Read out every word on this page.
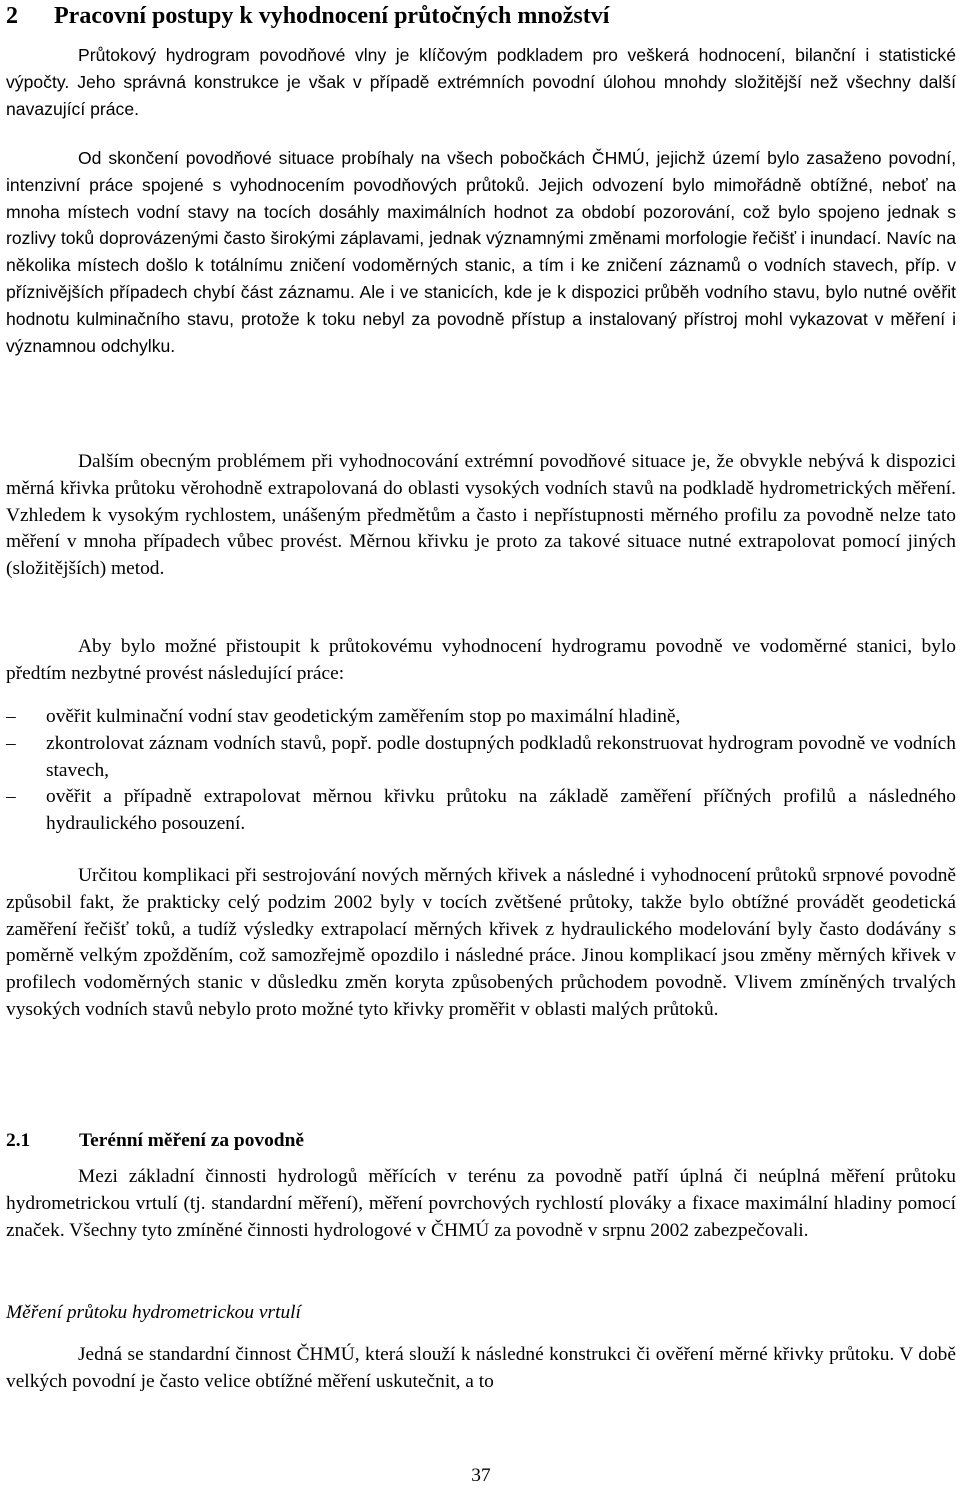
2 Pracovní postupy k vyhodnocení průtočných množství

Průtokový hydrogram povodňové vlny je klíčovým podkladem pro veškerá hodnocení, bilanční i statistické výpočty. Jeho správná konstrukce je však v případě extrémních povodní úlohou mnohdy složitější než všechny další navazující práce.

Od skončení povodňové situace probíhaly na všech pobočkách ČHMÚ, jejichž území bylo zasaženo povodní, intenzivní práce spojené s vyhodnocením povodňových průtoků. Jejich odvození bylo mimořádně obtížné, neboť na mnoha místech vodní stavy na tocích dosáhly maximálních hodnot za období pozorování, což bylo spojeno jednak s rozlivy toků doprovázenými často širokými záplavami, jednak významnými změnami morfologie řečišť i inundací. Navíc na několika místech došlo k totálnímu zničení vodoměrných stanic, a tím i ke zničení záznamů o vodních stavech, příp. v příznivějších případech chybí část záznamu. Ale i ve stanicích, kde je k dispozici průběh vodního stavu, bylo nutné ověřit hodnotu kulminačního stavu, protože k toku nebyl za povodně přístup a instalovaný přístroj mohl vykazovat v měření i významnou odchylku.

Dalším obecným problémem při vyhodnocování extrémní povodňové situace je, že obvykle nebývá k dispozici měrná křivka průtoku věrohodně extrapolovaná do oblasti vysokých vodních stavů na podkladě hydrometrických měření. Vzhledem k vysokým rychlostem, unášeným předmětům a často i nepřístupnosti měrného profilu za povodně nelze tato měření v mnoha případech vůbec provést. Měrnou křivku je proto za takové situace nutné extrapolovat pomocí jiných (složitějších) metod.

Aby bylo možné přistoupit k průtokovému vyhodnocení hydrogramu povodně ve vodoměrné stanici, bylo předtím nezbytné provést následující práce:

– ověřit kulminační vodní stav geodetickým zaměřením stop po maximální hladině,
– zkontrolovat záznam vodních stavů, popř. podle dostupných podkladů rekonstruovat hydrogram povodně ve vodních stavech,
– ověřit a případně extrapolovat měrnou křivku průtoku na základě zaměření příčných profilů a následného hydraulického posouzení.

Určitou komplikaci při sestrojování nových měrných křivek a následné i vyhodnocení průtoků srpnové povodně způsobil fakt, že prakticky celý podzim 2002 byly v tocích zvětšené průtoky, takže bylo obtížné provádět geodetická zaměření řečišť toků, a tudíž výsledky extrapolací měrných křivek z hydraulického modelování byly často dodávány s poměrně velkým zpožděním, což samozřejmě opozdilo i následné práce. Jinou komplikací jsou změny měrných křivek v profilech vodoměrných stanic v důsledku změn koryta způsobených průchodem povodně. Vlivem zmíněných trvalých vysokých vodních stavů nebylo proto možné tyto křivky proměřit v oblasti malých průtoků.

2.1	Terénní měření za povodně

Mezi základní činnosti hydrologů měřících v terénu za povodně patří úplná či neúplná měření průtoku hydrometrickou vrtulí (tj. standardní měření), měření povrchových rychlostí plováky a fixace maximální hladiny pomocí značek. Všechny tyto zmíněné činnosti hydrologové v ČHMÚ za povodně v srpnu 2002 zabezpečovali.

Měření průtoku hydrometrickou vrtulí

Jedná se standardní činnost ČHMÚ, která slouží k následné konstrukci či ověření měrné křivky průtoku. V době velkých povodní je často velice obtížné měření uskutečnit, a to

37
